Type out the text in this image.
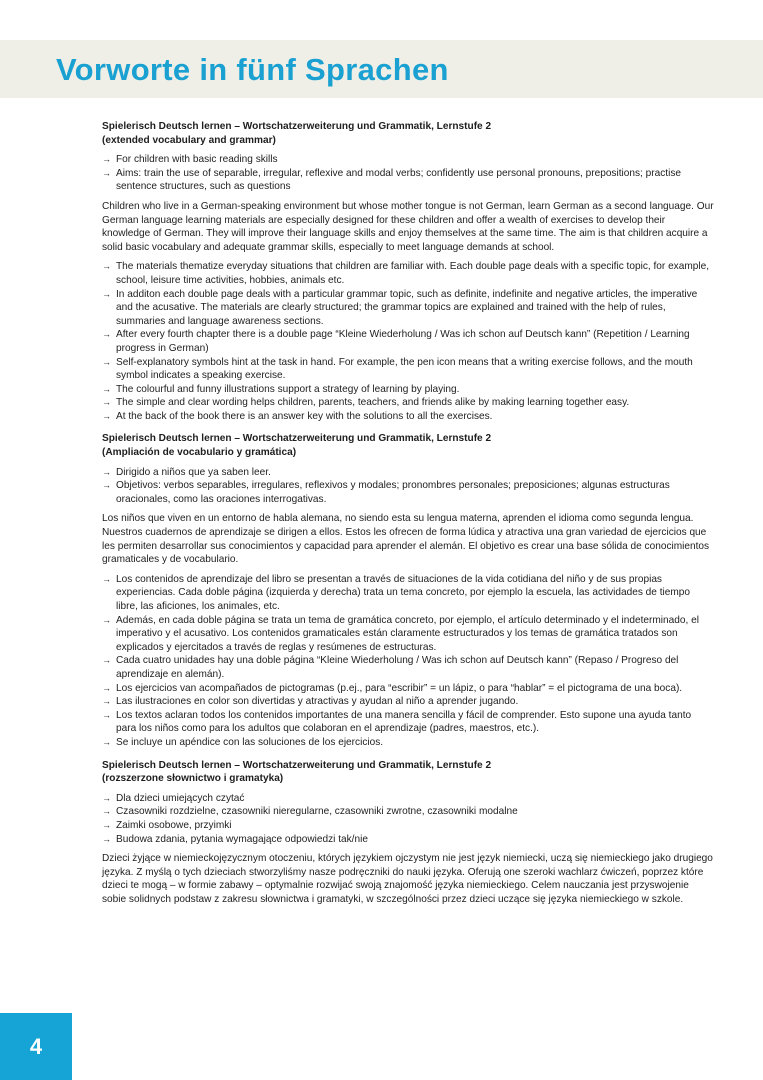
Vorworte in fünf Sprachen
Spielerisch Deutsch lernen – Wortschatzerweiterung und Grammatik, Lernstufe 2
(extended vocabulary and grammar)
→ For children with basic reading skills
→ Aims: train the use of separable, irregular, reflexive and modal verbs; confidently use personal pronouns, prepositions; practise sentence structures, such as questions

Children who live in a German-speaking environment but whose mother tongue is not German, learn German as a second language. Our German language learning materials are especially designed for these children and offer a wealth of exercises to develop their knowledge of German. They will improve their language skills and enjoy themselves at the same time. The aim is that children acquire a solid basic vocabulary and adequate grammar skills, especially to meet language demands at school.

→ The materials thematize everyday situations that children are familiar with. Each double page deals with a specific topic, for example, school, leisure time activities, hobbies, animals etc.
→ In additon each double page deals with a particular grammar topic, such as definite, indefinite and negative articles, the imperative and the acusative. The materials are clearly structured; the grammar topics are explained and trained with the help of rules, summaries and language awareness sections.
→ After every fourth chapter there is a double page “Kleine Wiederholung / Was ich schon auf Deutsch kann” (Repetition / Learning progress in German)
→ Self-explanatory symbols hint at the task in hand. For example, the pen icon means that a writing exercise follows, and the mouth symbol indicates a speaking exercise.
→ The colourful and funny illustrations support a strategy of learning by playing.
→ The simple and clear wording helps children, parents, teachers, and friends alike by making learning together easy.
→ At the back of the book there is an answer key with the solutions to all the exercises.
Spielerisch Deutsch lernen – Wortschatzerweiterung und Grammatik, Lernstufe 2
(Ampliación de vocabulario y gramática)
→ Dirigido a niños que ya saben leer.
→ Objetivos: verbos separables, irregulares, reflexivos y modales; pronombres personales; preposiciones; algunas estructuras oracionales, como las oraciones interrogativas.

Los niños que viven en un entorno de habla alemana, no siendo esta su lengua materna, aprenden el idioma como segunda lengua. Nuestros cuadernos de aprendizaje se dirigen a ellos. Estos les ofrecen de forma lúdica y atractiva una gran variedad de ejercicios que les permiten desarrollar sus conocimientos y capacidad para aprender el alemán. El objetivo es crear una base sólida de conocimientos gramaticales y de vocabulario.

→ Los contenidos de aprendizaje del libro se presentan a través de situaciones de la vida cotidiana del niño y de sus propias experiencias. Cada doble página (izquierda y derecha) trata un tema concreto, por ejemplo la escuela, las actividades de tiempo libre, las aficiones, los animales, etc.
→ Además, en cada doble página se trata un tema de gramática concreto, por ejemplo, el artículo determinado y el indeterminado, el imperativo y el acusativo. Los contenidos gramaticales están claramente estructurados y los temas de gramática tratados son explicados y ejercitados a través de reglas y resúmenes de estructuras.
→ Cada cuatro unidades hay una doble página “Kleine Wiederholung / Was ich schon auf Deutsch kann” (Repaso / Progreso del aprendizaje en alemán).
→ Los ejercicios van acompañados de pictogramas (p.ej., para “escribir” = un lápiz, o para “hablar” = el pictograma de una boca).
→ Las ilustraciones en color son divertidas y atractivas y ayudan al niño a aprender jugando.
→ Los textos aclaran todos los contenidos importantes de una manera sencilla y fácil de comprender. Esto supone una ayuda tanto para los niños como para los adultos que colaboran en el aprendizaje (padres, maestros, etc.).
→ Se incluye un apéndice con las soluciones de los ejercicios.
Spielerisch Deutsch lernen – Wortschatzerweiterung und Grammatik, Lernstufe 2
(rozszerzone słownictwo i gramatyka)
→ Dla dzieci umiejących czytać
→ Czasowniki rozdzielne, czasowniki nieregularne, czasowniki zwrotne, czasowniki modalne
→ Zaimki osobowe, przyimki
→ Budowa zdania, pytania wymagające odpowiedzi tak/nie

Dzieci żyjące w niemieckojęzycznym otoczeniu, których językiem ojczystym nie jest język niemiecki, uczą się niemieckiego jako drugiego języka. Z myślą o tych dzieciach stworzyliśmy nasze podręczniki do nauki języka. Oferują one szeroki wachlarz ćwiczeń, poprzez które dzieci te mogą – w formie zabawy – optymalnie rozwijać swoją znajomość języka niemieckiego. Celem nauczania jest przyswojenie sobie solidnych podstaw z zakresu słownictwa i gramatyki, w szczególności przez dzieci uczące się języka niemieckiego w szkole.

4
